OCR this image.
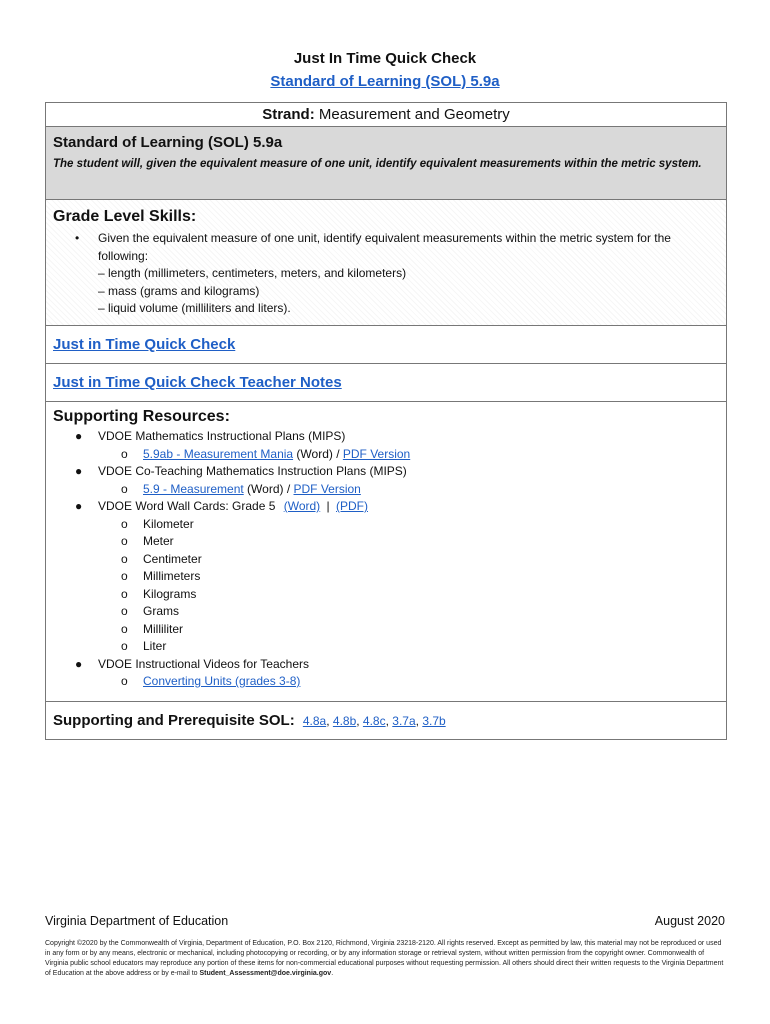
Just In Time Quick Check
Standard of Learning (SOL) 5.9a
Strand: Measurement and Geometry
Standard of Learning (SOL) 5.9a

The student will, given the equivalent measure of one unit, identify equivalent measurements within the metric system.

Grade Level Skills:
• Given the equivalent measure of one unit, identify equivalent measurements within the metric system for the
following:
– length (millimeters, centimeters, meters, and kilometers)
– mass (grams and kilograms)
– liquid volume (milliliters and liters).
Just in Time Quick Check
Just in Time Quick Check Teacher Notes
Supporting Resources:
● VDOE Mathematics Instructional Plans (MIPS)
o 5.9ab - Measurement Mania (Word) / PDF Version
● VDOE Co-Teaching Mathematics Instruction Plans (MIPS)
o 5.9 - Measurement (Word) / PDF Version
● VDOE Word Wall Cards: Grade 5 (Word) | (PDF)
o Kilometer
o Meter
o Centimeter
o Millimeters
o Kilograms
o Grams
o Milliliter
o Liter
● VDOE Instructional Videos for Teachers
o Converting Units (grades 3-8)
Supporting and Prerequisite SOL: 4.8a, 4.8b, 4.8c, 3.7a, 3.7b
Virginia Department of Education	August 2020
Copyright ©2020 by the Commonwealth of Virginia, Department of Education, P.O. Box 2120, Richmond, Virginia 23218-2120. All rights reserved. Except as permitted by law, this material may not be reproduced or used in any form or by any means, electronic or mechanical, including photocopying or recording, or by any information storage or retrieval system, without written permission from the copyright owner. Commonwealth of Virginia public school educators may reproduce any portion of these items for non-commercial educational purposes without requesting permission. All others should direct their written requests to the Virginia Department of Education at the above address or by e-mail to Student_Assessment@doe.virginia.gov.
